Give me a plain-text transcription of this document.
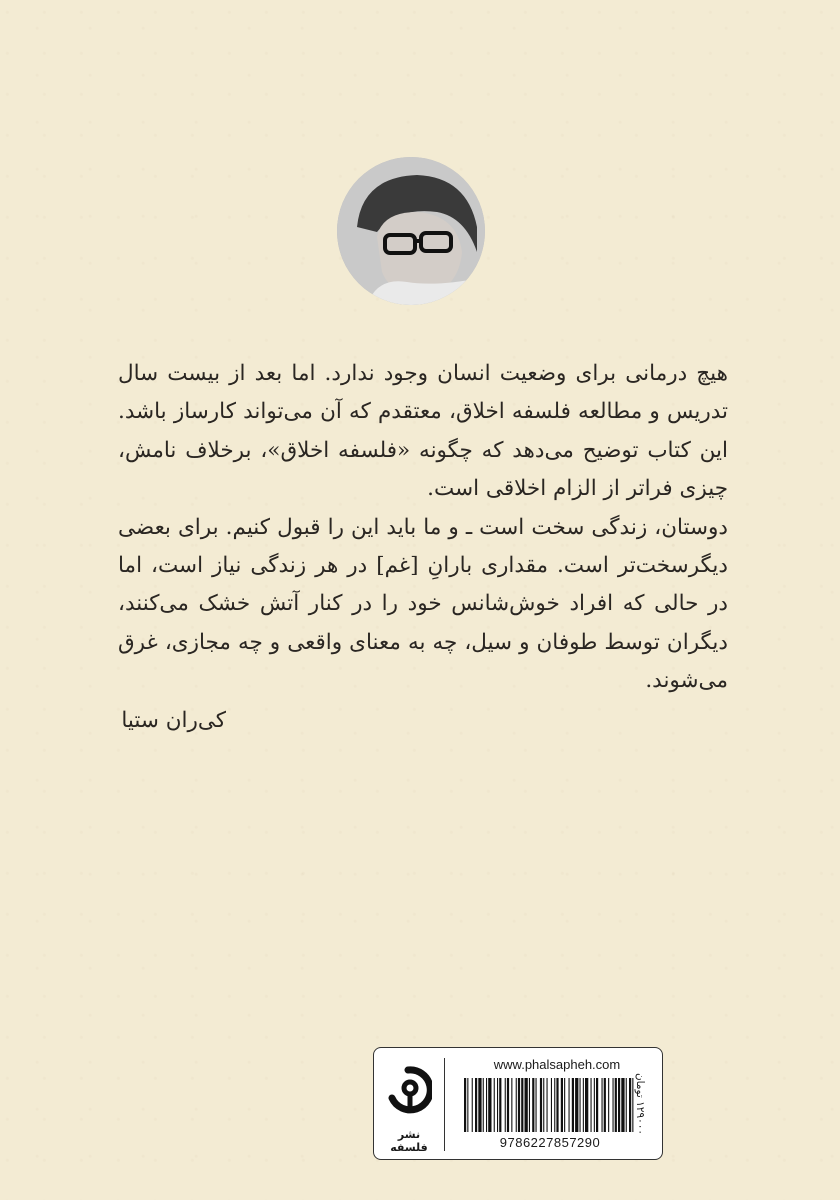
هیچ درمانی برای وضعیت انسان وجود ندارد. اما بعد از بیست سال تدریس و مطالعه فلسفه اخلاق، معتقدم که آن می‌تواند کارساز باشد. این کتاب توضیح می‌دهد که چگونه «فلسفه اخلاق»، برخلاف نامش، چیزی فراتر از الزام اخلاقی است.

دوستان، زندگی سخت است ـ و ما باید این را قبول کنیم. برای بعضی دیگرسخت‌تر است. مقداری بارانِ [غم] در هر زندگی نیاز است، اما در حالی که افراد خوش‌شانس خود را در کنار آتش خشک می‌کنند، دیگران توسط طوفان و سیل، چه به معنای واقعی و چه مجازی، غرق می‌شوند.

کی‌ران ستیا
نشر فلسفه
www.phalsapheh.com
9786227857290
۱۲۹۰۰۰ تومان
